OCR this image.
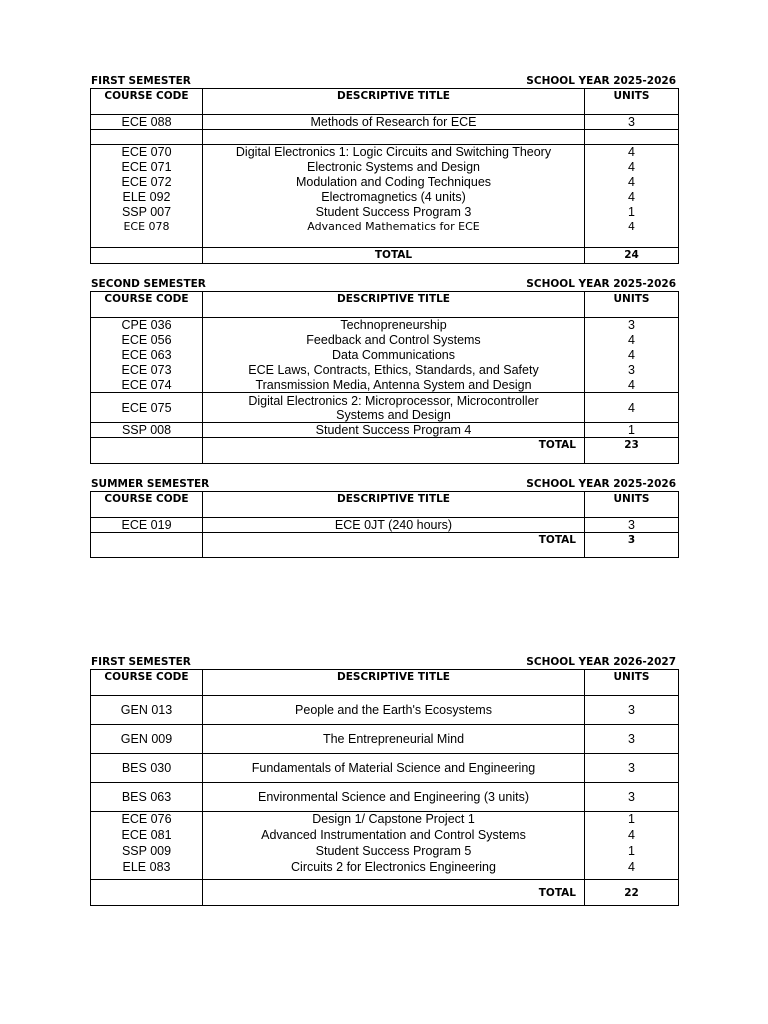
FIRST SEMESTER	SCHOOL YEAR 2025-2026
COURSE CODE	DESCRIPTIVE TITLE	UNITS
ECE 088	Methods of Research for ECE	3

ECE 070	Digital Electronics 1: Logic Circuits and Switching Theory	4
ECE 071	Electronic Systems and Design	4
ECE 072	Modulation and Coding Techniques	4
ELE 092	Electromagnetics (4 units)	4
SSP 007	Student Success Program 3	1
ECE 078	Advanced Mathematics for ECE	4
	TOTAL	24
SECOND SEMESTER	SCHOOL YEAR 2025-2026
COURSE CODE	DESCRIPTIVE TITLE	UNITS
CPE 036	Technopreneurship	3
ECE 056	Feedback and Control Systems	4
ECE 063	Data Communications	4
ECE 073	ECE Laws, Contracts, Ethics, Standards, and Safety	3
ECE 074	Transmission Media, Antenna System and Design	4
ECE 075	Digital Electronics 2: Microprocessor, Microcontroller Systems and Design	4
SSP 008	Student Success Program 4	1
	TOTAL	23
SUMMER SEMESTER	SCHOOL YEAR 2025-2026
COURSE CODE	DESCRIPTIVE TITLE	UNITS
ECE 019	ECE 0JT (240 hours)	3
	TOTAL	3
FIRST SEMESTER	SCHOOL YEAR 2026-2027
COURSE CODE	DESCRIPTIVE TITLE	UNITS
GEN 013	People and the Earth's Ecosystems	3
GEN 009	The Entrepreneurial Mind	3
BES 030	Fundamentals of Material Science and Engineering	3
BES 063	Environmental Science and Engineering (3 units)	3
ECE 076	Design 1/ Capstone Project 1	1
ECE 081	Advanced Instrumentation and Control Systems	4
SSP 009	Student Success Program 5	1
ELE 083	Circuits 2 for Electronics Engineering	4
	TOTAL	22
